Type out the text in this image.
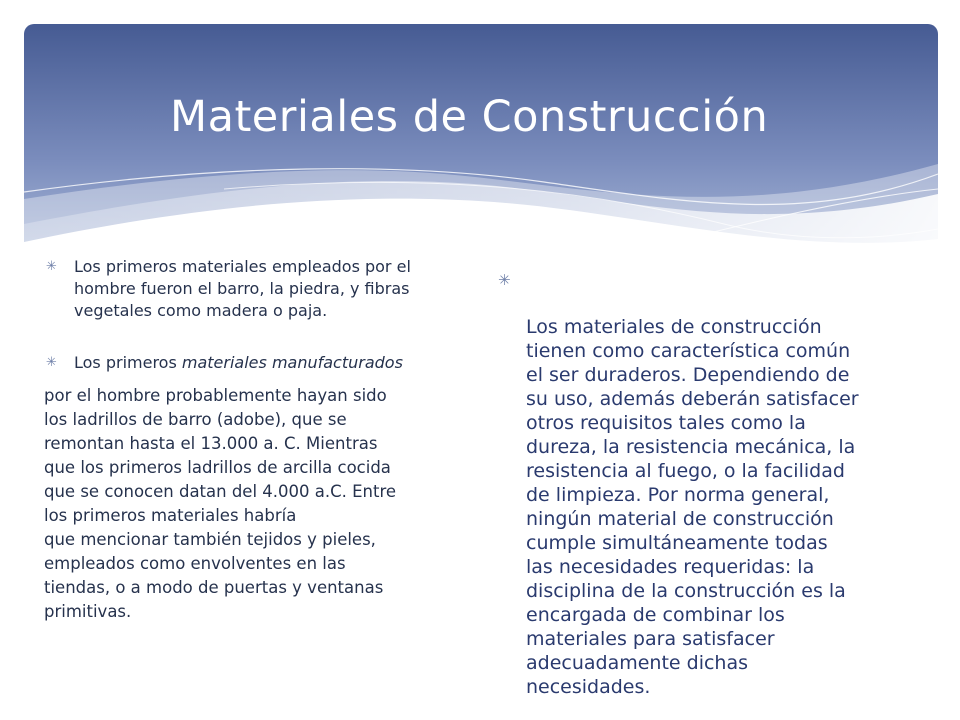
Materiales de Construcción
✳ Los primeros materiales empleados por el hombre fueron el barro, la piedra, y fibras vegetales como madera o paja.
✳ Los primeros materiales manufacturados
por el hombre probablemente hayan sido
los ladrillos de barro (adobe), que se
remontan hasta el 13.000 a. C. Mientras
que los primeros ladrillos de arcilla cocida
que se conocen datan del 4.000 a.C. Entre
los primeros materiales habría
que mencionar también tejidos y pieles,
empleados como envolventes en las
tiendas, o a modo de puertas y ventanas
primitivas.

✳

Los materiales de construcción
tienen como característica común
el ser duraderos. Dependiendo de
su uso, además deberán satisfacer
otros requisitos tales como la
dureza, la resistencia mecánica, la
resistencia al fuego, o la facilidad
de limpieza. Por norma general,
ningún material de construcción
cumple simultáneamente todas
las necesidades requeridas: la
disciplina de la construcción es la
encargada de combinar los
materiales para satisfacer
adecuadamente dichas
necesidades.
